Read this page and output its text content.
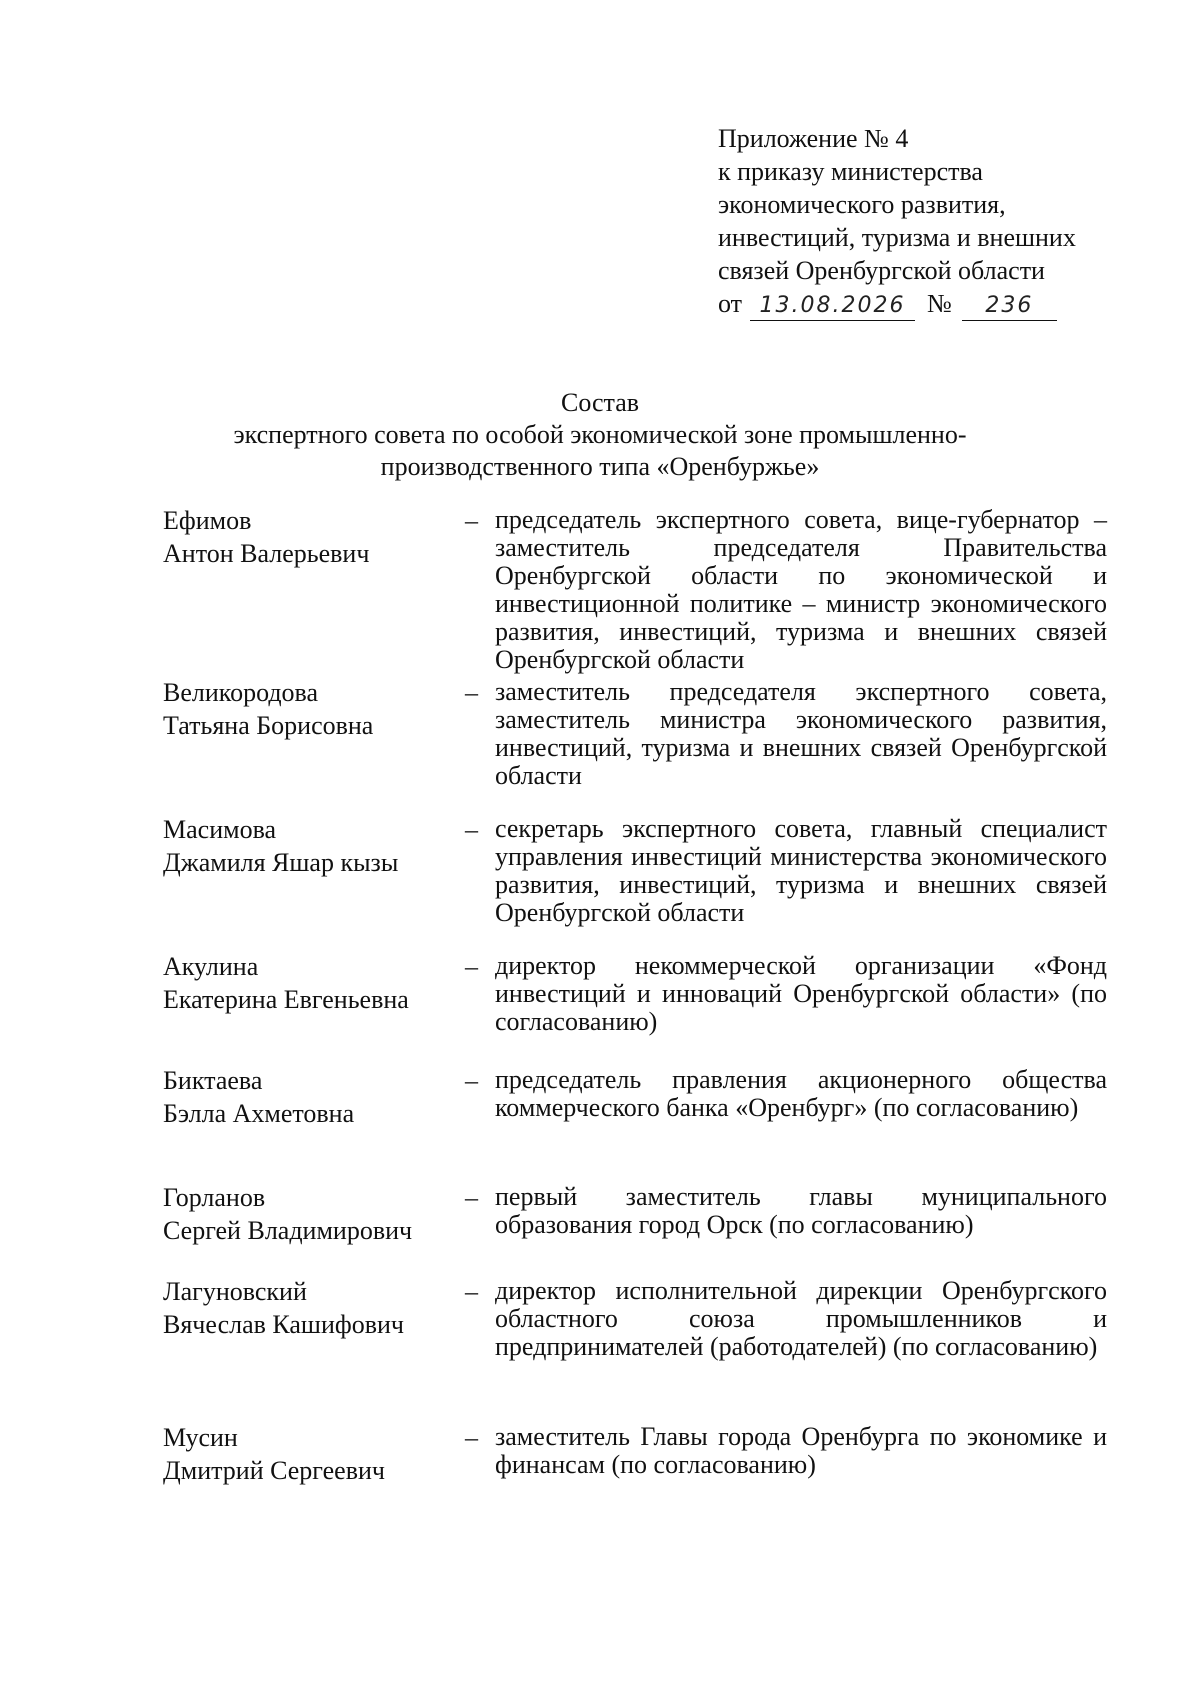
Приложение № 4
к приказу министерства
экономического развития,
инвестиций, туризма и внешних
связей Оренбургской области
от 13.08.2026 №	236
Состав
экспертного совета по особой экономической зоне промышленно-
производственного типа «Оренбуржье»
Ефимов
Антон Валерьевич
– председатель экспертного совета, вице-губернатор – заместитель председателя Правительства Оренбургской области по экономической и инвестиционной политике – министр экономического развития, инвестиций, туризма и внешних связей Оренбургской области
Великородова
Татьяна Борисовна
– заместитель председателя экспертного совета, заместитель министра экономического развития, инвестиций, туризма и внешних связей Оренбургской области
Масимова
Джамиля Яшар кызы
– секретарь экспертного совета, главный специалист управления инвестиций министерства экономического развития, инвестиций, туризма и внешних связей Оренбургской области
Акулина
Екатерина Евгеньевна
– директор некоммерческой организации «Фонд инвестиций и инноваций Оренбургской области» (по согласованию)
Биктаева
Бэлла Ахметовна
– председатель правления акционерного общества коммерческого банка «Оренбург» (по согласованию)
Горланов
Сергей Владимирович
– первый заместитель главы муниципального образования город Орск (по согласованию)
Лагуновский
Вячеслав Кашифович
– директор исполнительной дирекции Оренбургского областного союза промышленников и предпринимателей (работодателей) (по согласованию)
Мусин
Дмитрий Сергеевич
– заместитель Главы города Оренбурга по экономике и финансам (по согласованию)
